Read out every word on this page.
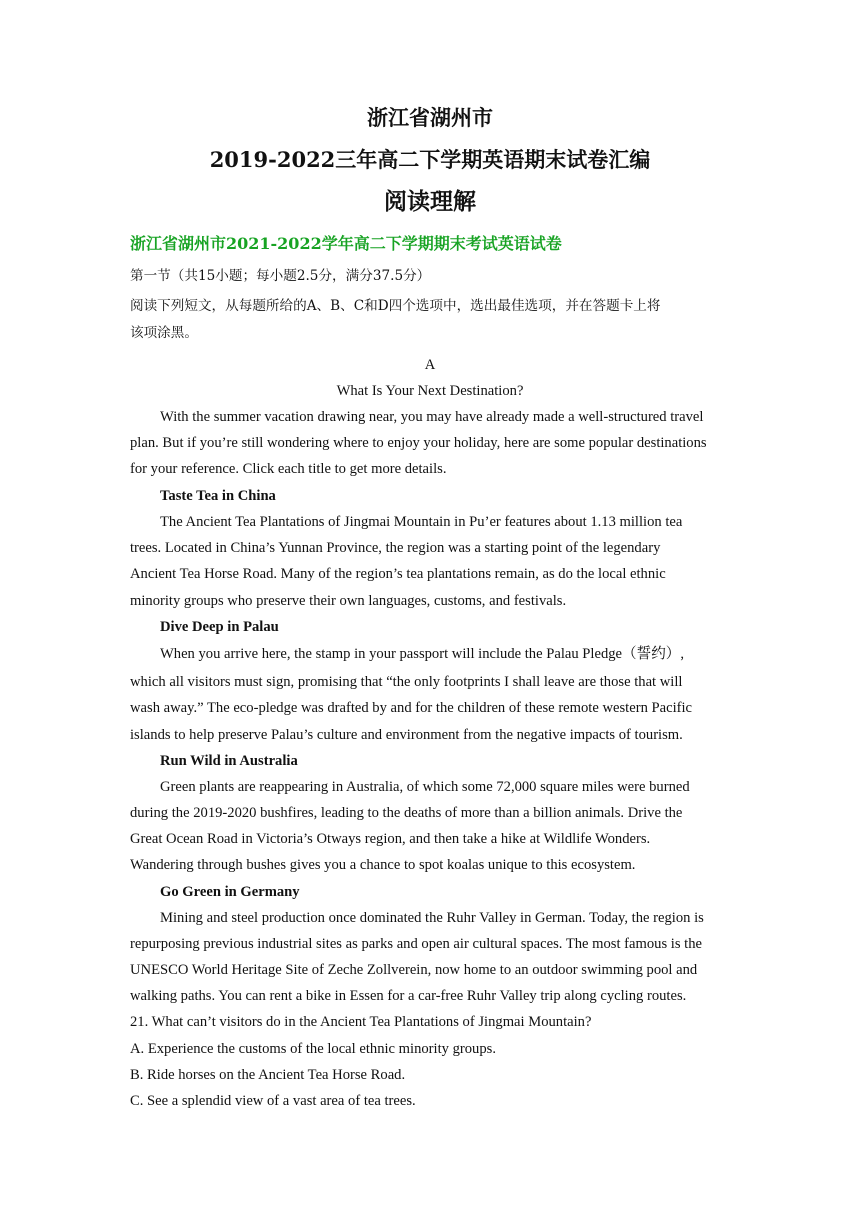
浙江省湖州市
2019-2022三年高二下学期英语期末试卷汇编
阅读理解
浙江省湖州市2021-2022学年高二下学期期末考试英语试卷
第一节（共15小题；每小题2.5分，满分37.5分）
阅读下列短文，从每题所给的A、B、C和D四个选项中，选出最佳选项，并在答题卡上将
该项涂黑。
A
What Is Your Next Destination?
With the summer vacation drawing near, you may have already made a well-structured travel
plan. But if you’re still wondering where to enjoy your holiday, here are some popular destinations
for your reference. Click each title to get more details.
Taste Tea in China
The Ancient Tea Plantations of Jingmai Mountain in Pu’er features about 1.13 million tea
trees. Located in China’s Yunnan Province, the region was a starting point of the legendary
Ancient Tea Horse Road. Many of the region’s tea plantations remain, as do the local ethnic
minority groups who preserve their own languages, customs, and festivals.
Dive Deep in Palau
When you arrive here, the stamp in your passport will include the Palau Pledge（誓约）,
which all visitors must sign, promising that “the only footprints I shall leave are those that will
wash away.” The eco-pledge was drafted by and for the children of these remote western Pacific
islands to help preserve Palau’s culture and environment from the negative impacts of tourism.
Run Wild in Australia
Green plants are reappearing in Australia, of which some 72,000 square miles were burned
during the 2019-2020 bushfires, leading to the deaths of more than a billion animals. Drive the
Great Ocean Road in Victoria’s Otways region, and then take a hike at Wildlife Wonders.
Wandering through bushes gives you a chance to spot koalas unique to this ecosystem.
Go Green in Germany
Mining and steel production once dominated the Ruhr Valley in German. Today, the region is
repurposing previous industrial sites as parks and open air cultural spaces. The most famous is the
UNESCO World Heritage Site of Zeche Zollverein, now home to an outdoor swimming pool and
walking paths. You can rent a bike in Essen for a car-free Ruhr Valley trip along cycling routes.
21. What can’t visitors do in the Ancient Tea Plantations of Jingmai Mountain?
A. Experience the customs of the local ethnic minority groups.
B. Ride horses on the Ancient Tea Horse Road.
C. See a splendid view of a vast area of tea trees.
